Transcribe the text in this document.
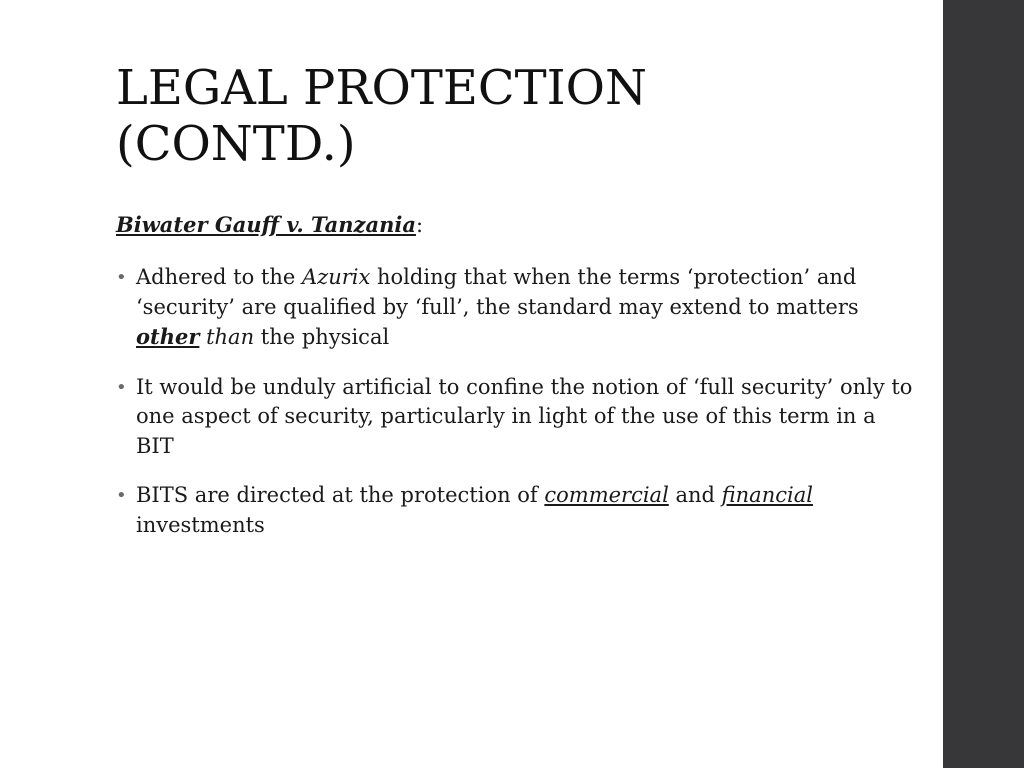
LEGAL PROTECTION
(CONTD.)

Biwater Gauff v. Tanzania:

• Adhered to the Azurix holding that when the terms ‘protection’ and ‘security’ are qualified by ‘full’, the standard may extend to matters other than the physical
• It would be unduly artificial to confine the notion of ‘full security’ only to one aspect of security, particularly in light of the use of this term in a BIT
• BITS are directed at the protection of commercial and financial investments
